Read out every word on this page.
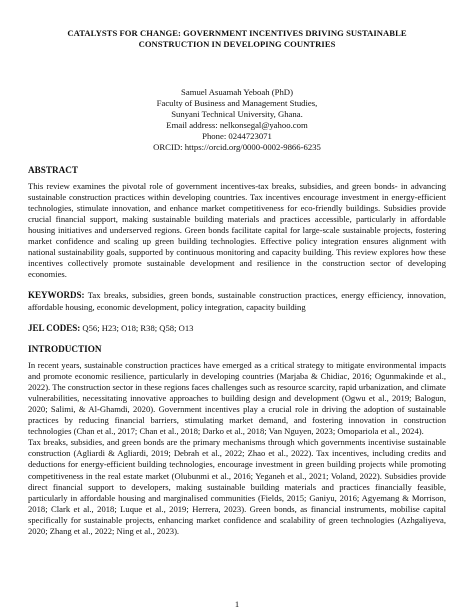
CATALYSTS FOR CHANGE: GOVERNMENT INCENTIVES DRIVING SUSTAINABLE
CONSTRUCTION IN DEVELOPING COUNTRIES
Samuel Asuamah Yeboah (PhD)
Faculty of Business and Management Studies,
Sunyani Technical University, Ghana.
Email address: nelkonsegal@yahoo.com
Phone: 0244723071
ORCID: https://orcid.org/0000-0002-9866-6235
ABSTRACT

This review examines the pivotal role of government incentives-tax breaks, subsidies, and green bonds- in advancing sustainable construction practices within developing countries. Tax incentives encourage investment in energy-efficient technologies, stimulate innovation, and enhance market competitiveness for eco-friendly buildings. Subsidies provide crucial financial support, making sustainable building materials and practices accessible, particularly in affordable housing initiatives and underserved regions. Green bonds facilitate capital for large-scale sustainable projects, fostering market confidence and scaling up green building technologies. Effective policy integration ensures alignment with national sustainability goals, supported by continuous monitoring and capacity building. This review explores how these incentives collectively promote sustainable development and resilience in the construction sector of developing economies.

KEYWORDS: Tax breaks, subsidies, green bonds, sustainable construction practices, energy efficiency, innovation, affordable housing, economic development, policy integration, capacity building

JEL CODES: Q56; H23; O18; R38; Q58; O13

INTRODUCTION

In recent years, sustainable construction practices have emerged as a critical strategy to mitigate environmental impacts and promote economic resilience, particularly in developing countries (Marjaba & Chidiac, 2016; Ogunmakinde et al., 2022). The construction sector in these regions faces challenges such as resource scarcity, rapid urbanization, and climate vulnerabilities, necessitating innovative approaches to building design and development (Ogwu et al., 2019; Balogun, 2020; Salimi, & Al-Ghamdi, 2020). Government incentives play a crucial role in driving the adoption of sustainable practices by reducing financial barriers, stimulating market demand, and fostering innovation in construction technologies (Chan et al., 2017; Chan et al., 2018; Darko et al., 2018; Van Nguyen, 2023; Omopariola et al., 2024).

Tax breaks, subsidies, and green bonds are the primary mechanisms through which governments incentivise sustainable construction (Agliardi & Agliardi, 2019; Debrah et al., 2022; Zhao et al., 2022). Tax incentives, including credits and deductions for energy-efficient building technologies, encourage investment in green building projects while promoting competitiveness in the real estate market (Olubunmi et al., 2016; Yeganeh et al., 2021; Voland, 2022). Subsidies provide direct financial support to developers, making sustainable building materials and practices financially feasible, particularly in affordable housing and marginalised communities (Fields, 2015; Ganiyu, 2016; Agyemang & Morrison, 2018; Clark et al., 2018; Luque et al., 2019; Herrera, 2023). Green bonds, as financial instruments, mobilise capital specifically for sustainable projects, enhancing market confidence and scalability of green technologies (Azhgaliyeva, 2020; Zhang et al., 2022; Ning et al., 2023).

1
